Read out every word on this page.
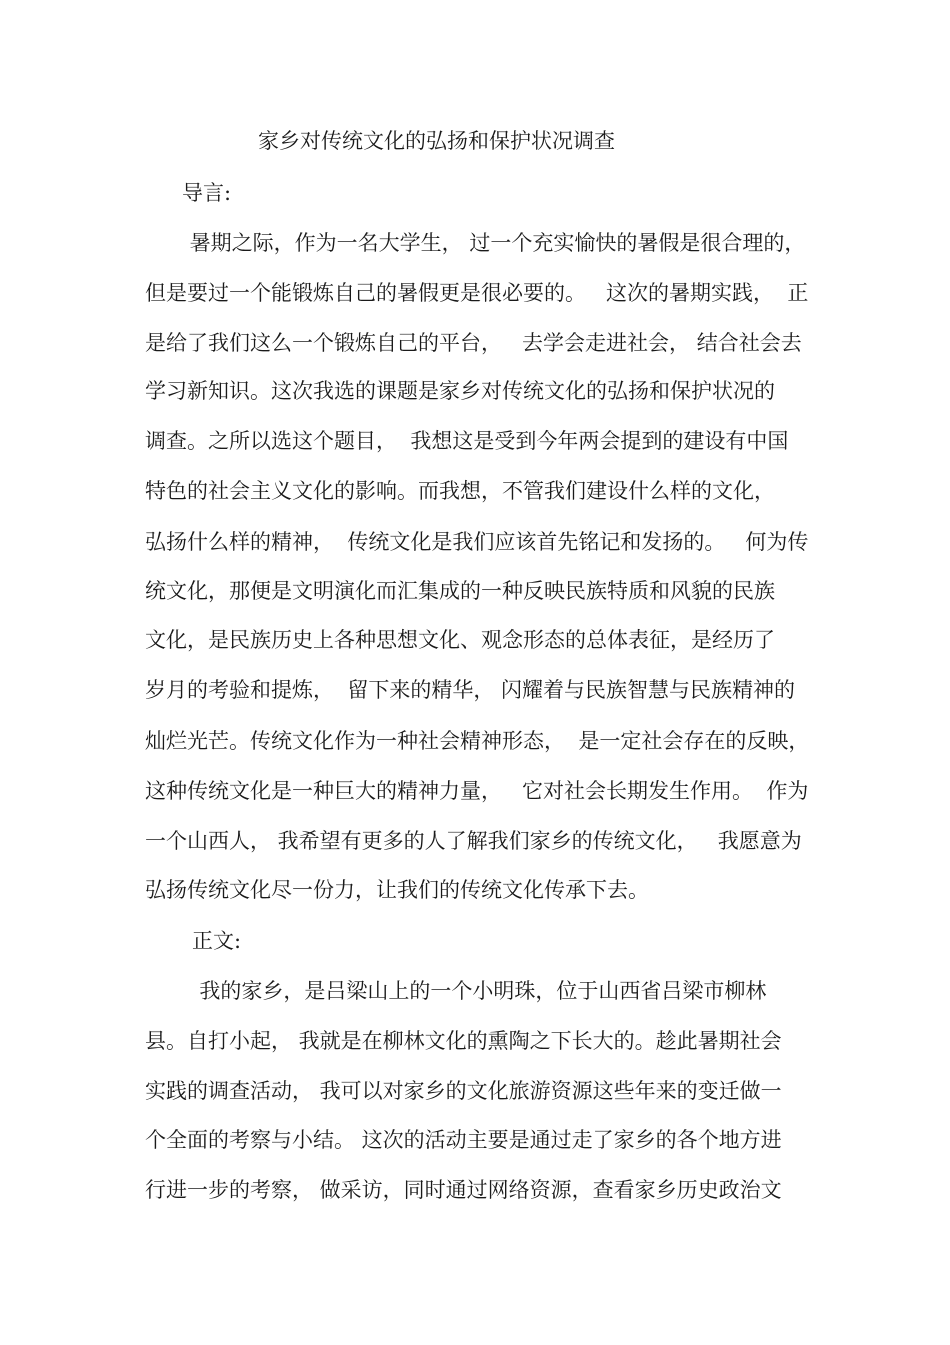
家乡对传统文化的弘扬和保护状况调查

导言:

暑期之际，作为一名大学生， 过一个充实愉快的暑假是很合理的，

但是要过一个能锻炼自己的暑假更是很必要的。   这次的暑期实践，  正

是给了我们这么一个锻炼自己的平台，   去学会走进社会， 结合社会去

学习新知识。这次我选的课题是家乡对传统文化的弘扬和保护状况的

调查。之所以选这个题目，  我想这是受到今年两会提到的建设有中国

特色的社会主义文化的影响。而我想，不管我们建设什么样的文化，

弘扬什么样的精神，  传统文化是我们应该首先铭记和发扬的。   何为传

统文化，那便是文明演化而汇集成的一种反映民族特质和风貌的民族

文化，是民族历史上各种思想文化、观念形态的总体表征，是经历了

岁月的考验和提炼，  留下来的精华， 闪耀着与民族智慧与民族精神的

灿烂光芒。传统文化作为一种社会精神形态，  是一定社会存在的反映，

这种传统文化是一种巨大的精神力量，   它对社会长期发生作用。  作为

一个山西人， 我希望有更多的人了解我们家乡的传统文化，   我愿意为

弘扬传统文化尽一份力，让我们的传统文化传承下去。

正文:

我的家乡，是吕梁山上的一个小明珠，位于山西省吕梁市柳林

县。自打小起， 我就是在柳林文化的熏陶之下长大的。趁此暑期社会

实践的调查活动， 我可以对家乡的文化旅游资源这些年来的变迁做一

个全面的考察与小结。 这次的活动主要是通过走了家乡的各个地方进

行进一步的考察， 做采访，同时通过网络资源，查看家乡历史政治文
